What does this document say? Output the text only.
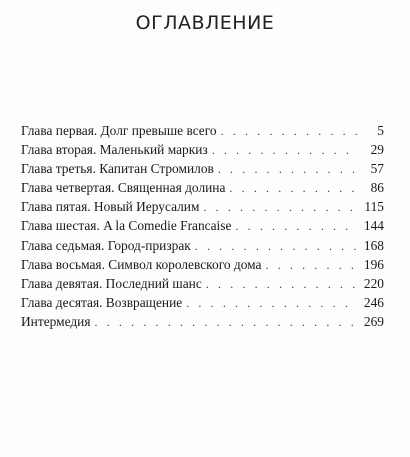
ОГЛАВЛЕНИЕ
Глава первая. Долг превыше всего . . .	5
Глава вторая. Маленький маркиз . . .	29
Глава третья. Капитан Стромилов . . .	57
Глава четвертая. Священная долина . . .	86
Глава пятая. Новый Иерусалим . . .	115
Глава шестая. A la Comedie Francaise . . .	144
Глава седьмая. Город-призрак . . .	168
Глава восьмая. Символ королевского дома . . .	196
Глава девятая. Последний шанс . . .	220
Глава десятая. Возвращение . . .	246
Интермедия . . .	269
